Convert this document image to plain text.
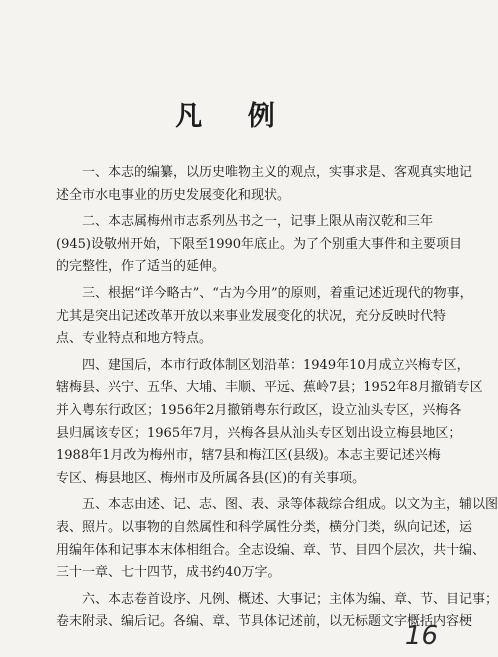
凡 例
一、本志的编纂，以历史唯物主义的观点，实事求是、客观真实地记
述全市水电事业的历史发展变化和现状。
二、本志属梅州市志系列丛书之一，记事上限从南汉乾和三年
(945)设敬州开始，下限至1990年底止。为了个别重大事件和主要项目
的完整性，作了适当的延伸。
三、根据“详今略古”、“古为今用”的原则，着重记述近现代的物事，
尤其是突出记述改革开放以来事业发展变化的状况，充分反映时代特
点、专业特点和地方特点。
四、建国后，本市行政体制区划沿革：1949年10月成立兴梅专区，
辖梅县、兴宁、五华、大埔、丰顺、平远、蕉岭7县；1952年8月撤销专区
并入粤东行政区；1956年2月撤销粤东行政区，设立汕头专区，兴梅各
县归属该专区；1965年7月，兴梅各县从汕头专区划出设立梅县地区；
1988年1月改为梅州市，辖7县和梅江区(县级)。本志主要记述兴梅
专区、梅县地区、梅州市及所属各县(区)的有关事项。
五、本志由述、记、志、图、表、录等体裁综合组成。以文为主，辅以图
表、照片。以事物的自然属性和科学属性分类，横分门类，纵向记述，运
用编年体和记事本末体相组合。全志设编、章、节、目四个层次，共十编、
三十一章、七十四节，成书约40万字。
六、本志卷首设序、凡例、概述、大事记；主体为编、章、节、目记事；
卷末附录、编后记。各编、章、节具体记述前，以无标题文字概括内容梗
16
